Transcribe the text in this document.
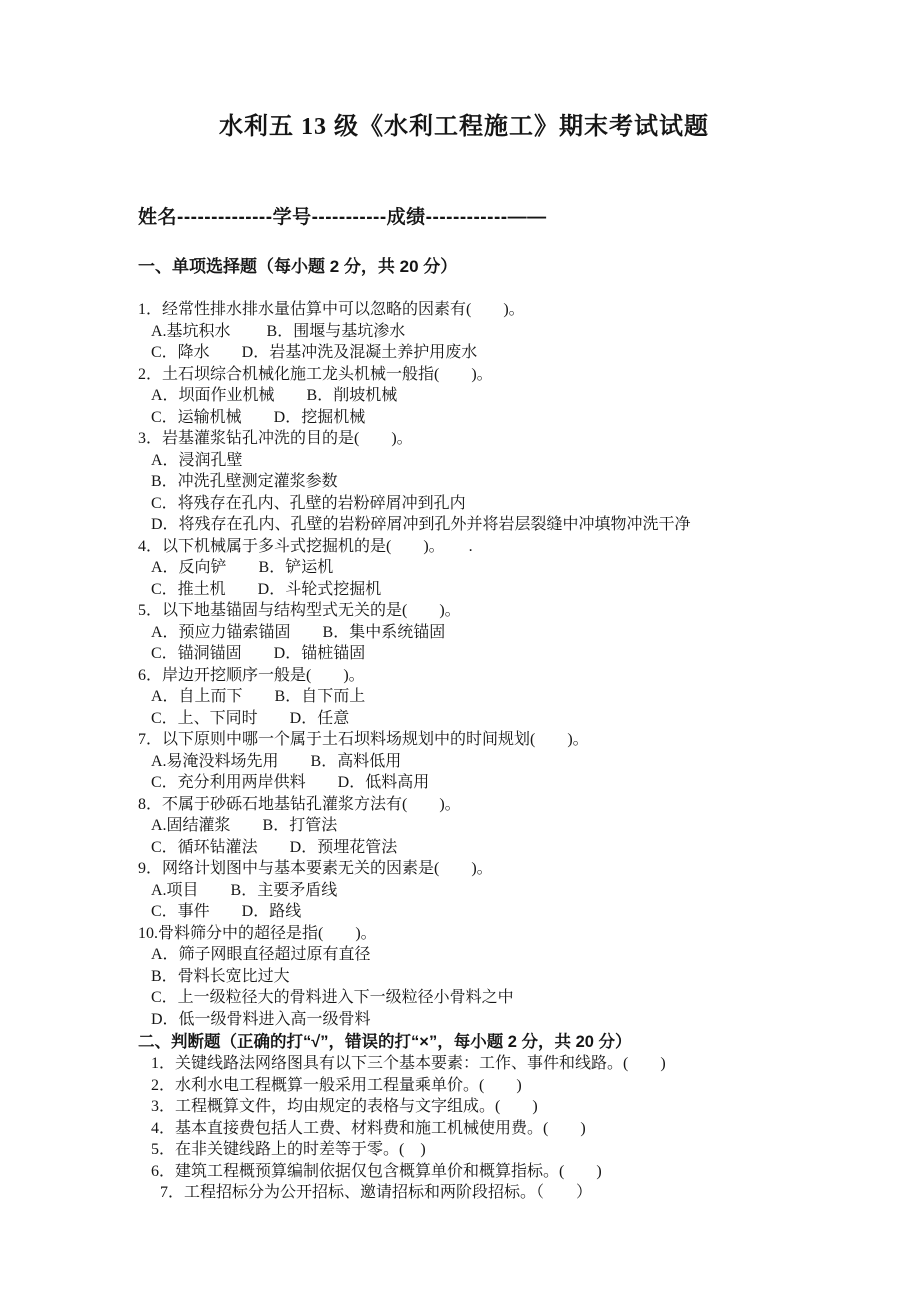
水利五 13 级《水利工程施工》期末考试试题
姓名--------------学号-----------成绩------------——
一、单项选择题（每小题 2 分，共 20 分）
1．经常性排水排水量估算中可以忽略的因素有(　　)。
A.基坑积水　　 B．围堰与基坑渗水
C．降水　　D．岩基冲洗及混凝土养护用废水
2．土石坝综合机械化施工龙头机械一般指(　　)。
A．坝面作业机械　　B．削坡机械
C．运输机械　　D．挖掘机械
3．岩基灌浆钻孔冲洗的目的是(　　)。
A．浸润孔壁
B．冲洗孔壁测定灌浆参数
C．将残存在孔内、孔壁的岩粉碎屑冲到孔内
D．将残存在孔内、孔壁的岩粉碎屑冲到孔外并将岩层裂缝中冲填物冲洗干净
4．以下机械属于多斗式挖掘机的是(　　)。　　.
A．反向铲　　B．铲运机
C．推土机　　D．斗轮式挖掘机
5．以下地基锚固与结构型式无关的是(　　)。
A．预应力锚索锚固　　B．集中系统锚固
C．锚洞锚固　　D．锚桩锚固
6．岸边开挖顺序一般是(　　)。
A．自上而下　　B．自下而上
C．上、下同时　　D．任意
7．以下原则中哪一个属于土石坝料场规划中的时间规划(　　)。
A.易淹没料场先用　　B．高料低用
C．充分利用两岸供料　　D．低料高用
8．不属于砂砾石地基钻孔灌浆方法有(　　)。
A.固结灌浆　　B．打管法
C．循环钻灌法　　D．预埋花管法
9．网络计划图中与基本要素无关的因素是(　　)。
A.项目　　B．主要矛盾线
C．事件　　D．路线
10.骨料筛分中的超径是指(　　)。
A．筛子网眼直径超过原有直径
B．骨料长宽比过大
C．上一级粒径大的骨料进入下一级粒径小骨料之中
D．低一级骨料进入高一级骨料
二、判断题（正确的打“√”，错误的打“×”，每小题 2 分，共 20 分）
1．关键线路法网络图具有以下三个基本要素：工作、事件和线路。(　　)
2．水利水电工程概算一般采用工程量乘单价。(　　)
3．工程概算文件，均由规定的表格与文字组成。(　　)
4．基本直接费包括人工费、材料费和施工机械使用费。(　　)
5．在非关键线路上的时差等于零。(　)
6．建筑工程概预算编制依据仅包含概算单价和概算指标。(　　)
7．工程招标分为公开招标、邀请招标和两阶段招标。（　　）
